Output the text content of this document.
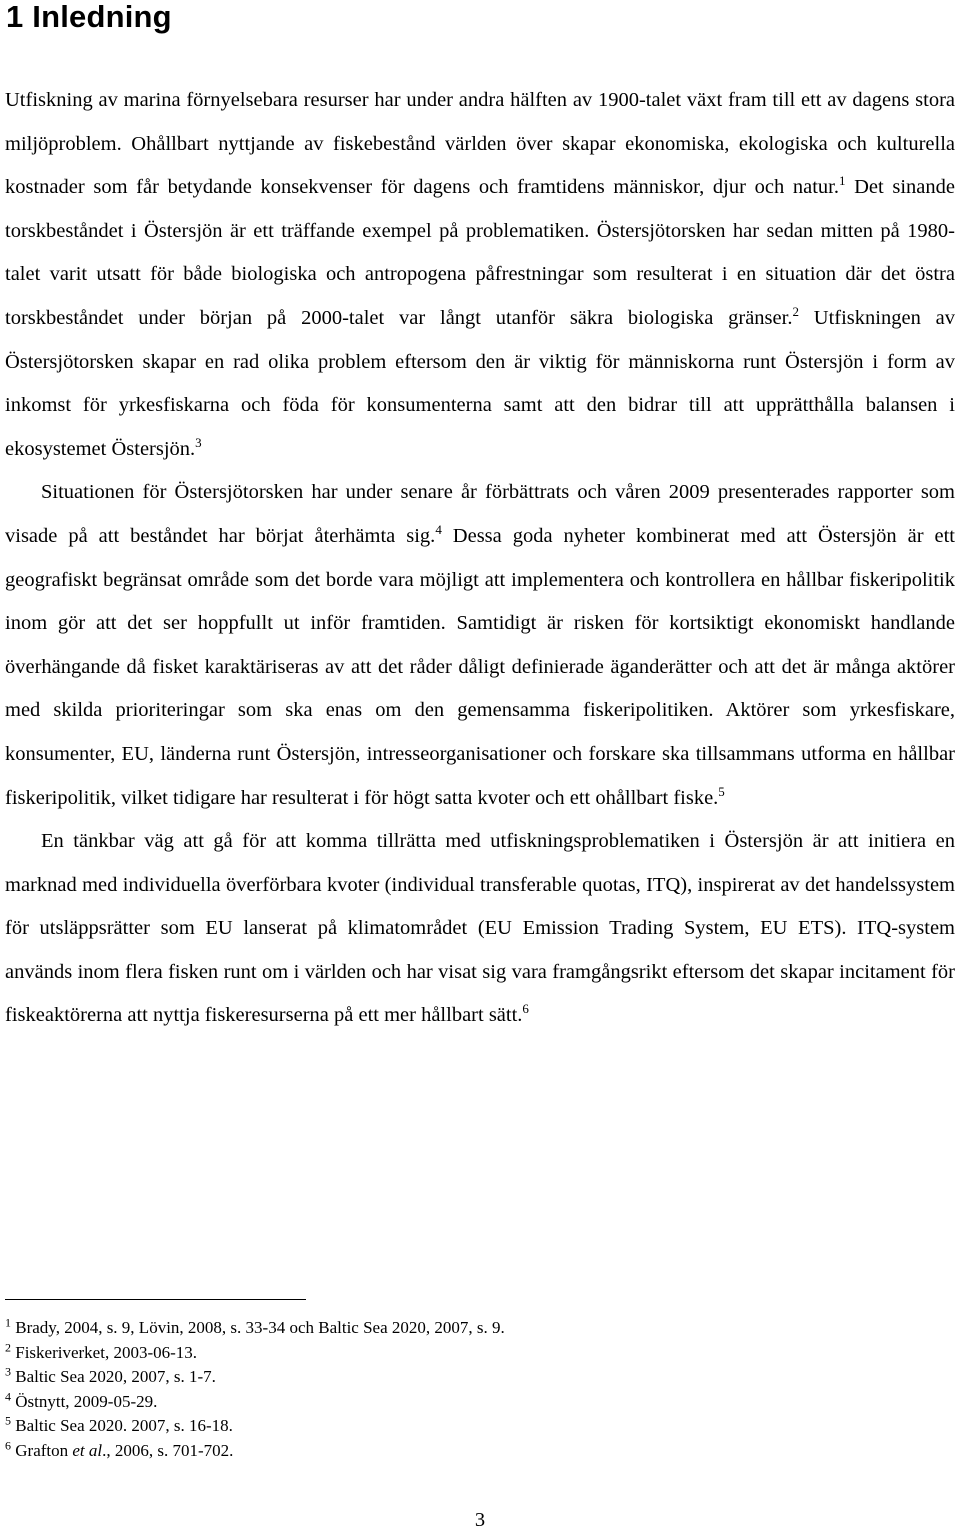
1 Inledning

Utfiskning av marina förnyelsebara resurser har under andra hälften av 1900-talet växt fram till ett av dagens stora miljöproblem. Ohållbart nyttjande av fiskebestånd världen över skapar ekonomiska, ekologiska och kulturella kostnader som får betydande konsekvenser för dagens och framtidens människor, djur och natur.$^1$ Det sinande torskbeståndet i Östersjön är ett träffande exempel på problematiken. Östersjötorsken har sedan mitten på 1980-talet varit utsatt för både biologiska och antropogena påfrestningar som resulterat i en situation där det östra torskbeståndet under början på 2000-talet var långt utanför säkra biologiska gränser.$^2$ Utfiskningen av Östersjötorsken skapar en rad olika problem eftersom den är viktig för människorna runt Östersjön i form av inkomst för yrkesfiskarna och föda för konsumenterna samt att den bidrar till att upprätthålla balansen i ekosystemet Östersjön.$^3$

Situationen för Östersjötorsken har under senare år förbättrats och våren 2009 presenterades rapporter som visade på att beståndet har börjat återhämta sig.$^4$ Dessa goda nyheter kombinerat med att Östersjön är ett geografiskt begränsat område som det borde vara möjligt att implementera och kontrollera en hållbar fiskeripolitik inom gör att det ser hoppfullt ut inför framtiden. Samtidigt är risken för kortsiktigt ekonomiskt handlande överhängande då fisket karaktäriseras av att det råder dåligt definierade äganderätter och att det är många aktörer med skilda prioriteringar som ska enas om den gemensamma fiskeripolitiken. Aktörer som yrkesfiskare, konsumenter, EU, länderna runt Östersjön, intresseorganisationer och forskare ska tillsammans utforma en hållbar fiskeripolitik, vilket tidigare har resulterat i för högt satta kvoter och ett ohållbart fiske.$^5$

En tänkbar väg att gå för att komma tillrätta med utfiskningsproblematiken i Östersjön är att initiera en marknad med individuella överförbara kvoter (individual transferable quotas, ITQ), inspirerat av det handelssystem för utsläppsrätter som EU lanserat på klimatområdet (EU Emission Trading System, EU ETS). ITQ-system används inom flera fisken runt om i världen och har visat sig vara framgångsrikt eftersom det skapar incitament för fiskeaktörerna att nyttja fiskeresurserna på ett mer hållbart sätt.$^6$

$^1$ Brady, 2004, s. 9, Lövin, 2008, s. 33-34 och Baltic Sea 2020, 2007, s. 9.
$^2$ Fiskeriverket, 2003-06-13.
$^3$ Baltic Sea 2020, 2007, s. 1-7.
$^4$ Östnytt, 2009-05-29.
$^5$ Baltic Sea 2020. 2007, s. 16-18.
$^6$ Grafton et al., 2006, s. 701-702.
3
